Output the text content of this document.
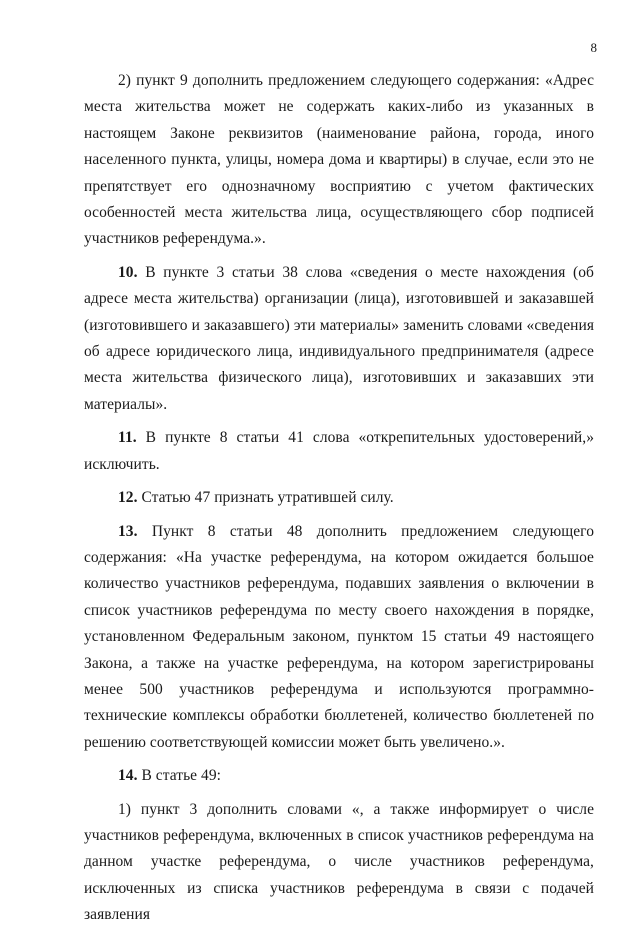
8

2) пункт 9 дополнить предложением следующего содержания: «Адрес места жительства может не содержать каких-либо из указанных в настоящем Законе реквизитов (наименование района, города, иного населенного пункта, улицы, номера дома и квартиры) в случае, если это не препятствует его однозначному восприятию с учетом фактических особенностей места жительства лица, осуществляющего сбор подписей участников референдума.».

10. В пункте 3 статьи 38 слова «сведения о месте нахождения (об адресе места жительства) организации (лица), изготовившей и заказавшей (изготовившего и заказавшего) эти материалы» заменить словами «сведения об адресе юридического лица, индивидуального предпринимателя (адресе места жительства физического лица), изготовивших и заказавших эти материалы».

11. В пункте 8 статьи 41 слова «открепительных удостоверений,» исключить.

12. Статью 47 признать утратившей силу.

13. Пункт 8 статьи 48 дополнить предложением следующего содержания: «На участке референдума, на котором ожидается большое количество участников референдума, подавших заявления о включении в список участников референдума по месту своего нахождения в порядке, установленном Федеральным законом, пунктом 15 статьи 49 настоящего Закона, а также на участке референдума, на котором зарегистрированы менее 500 участников референдума и используются программно-технические комплексы обработки бюллетеней, количество бюллетеней по решению соответствующей комиссии может быть увеличено.».

14. В статье 49:

1) пункт 3 дополнить словами «, а также информирует о числе участников референдума, включенных в список участников референдума на данном участке референдума, о числе участников референдума, исключенных из списка участников референдума в связи с подачей заявления
